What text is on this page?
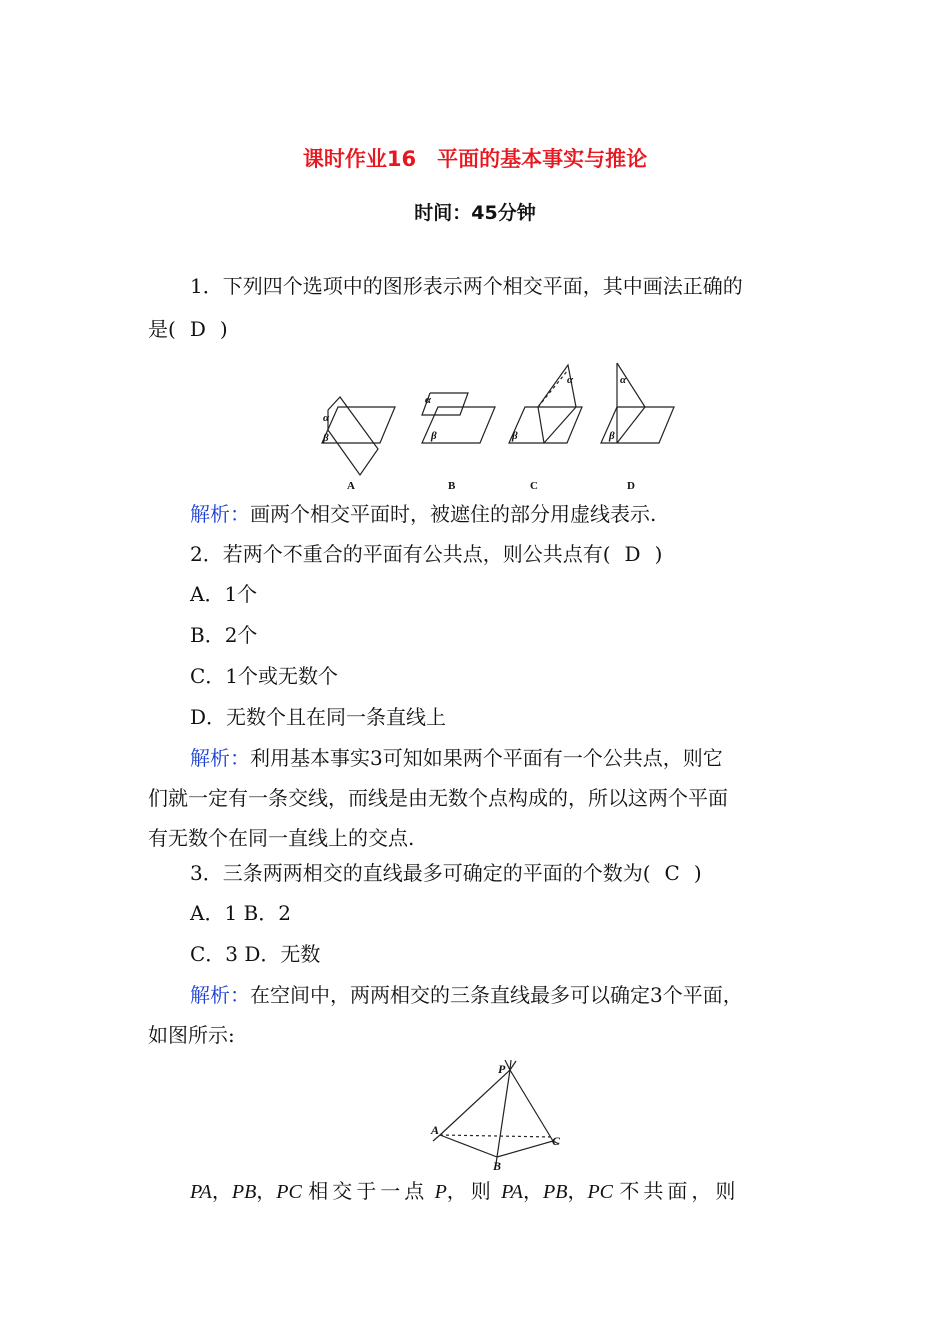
课时作业16　平面的基本事实与推论
时间：45分钟
1．下列四个选项中的图形表示两个相交平面，其中画法正确的
是( D )
α
β
α
β
α
β
α
β
A	B	C	D
解析：画两个相交平面时，被遮住的部分用虚线表示.
2．若两个不重合的平面有公共点，则公共点有( D )
A．1个
B．2个
C．1个或无数个
D．无数个且在同一条直线上
解析：利用基本事实3可知如果两个平面有一个公共点，则它
们就一定有一条交线，而线是由无数个点构成的，所以这两个平面
有无数个在同一直线上的交点.
3．三条两两相交的直线最多可确定的平面的个数为( C )
A．1 B．2
C．3 D．无数
解析：在空间中，两两相交的三条直线最多可以确定3个平面，
如图所示:
P
A
B
C
PA，PB，PC 相交于一点 P，则 PA，PB，PC 不共面，则
